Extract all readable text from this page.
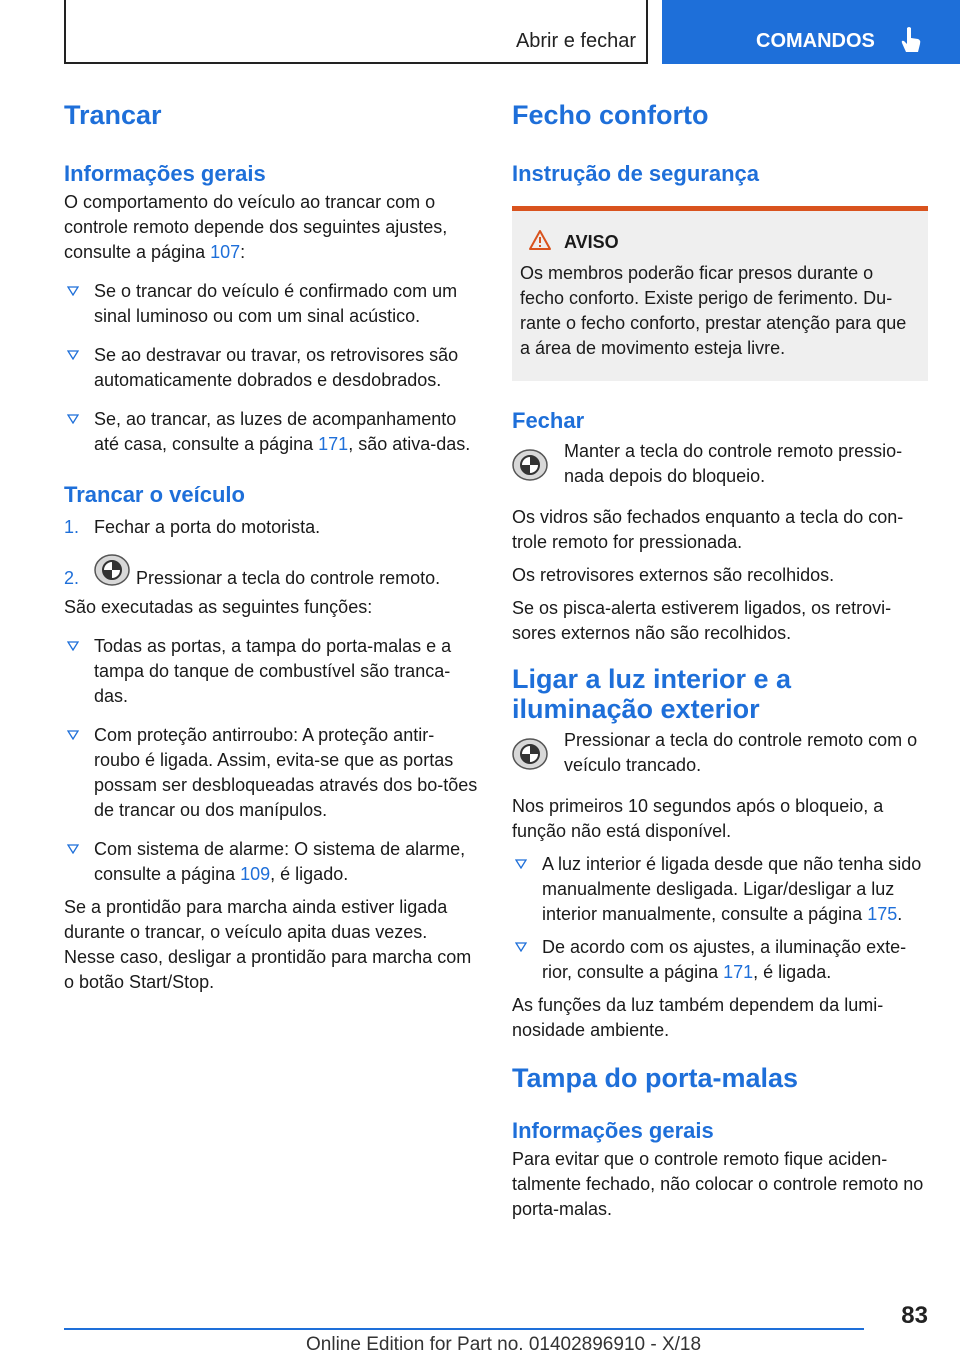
Abrir e fechar	COMANDOS
Trancar
Informações gerais

O comportamento do veículo ao trancar com o controle remoto depende dos seguintes ajustes, consulte a página 107:

Se o trancar do veículo é confirmado com um sinal luminoso ou com um sinal acústico.
Se ao destravar ou travar, os retrovisores são automaticamente dobrados e desdobrados.
Se, ao trancar, as luzes de acompanhamento até casa, consulte a página 171, são ativa-das.
Trancar o veículo
1. Fechar a porta do motorista.
2.	Pressionar a tecla do controle remoto.

São executadas as seguintes funções:

Todas as portas, a tampa do porta-malas e a tampa do tanque de combustível são tranca-das.
Com proteção antirroubo: A proteção antir-roubo é ligada. Assim, evita-se que as portas possam ser desbloqueadas através dos bo-tões de trancar ou dos manípulos.
Com sistema de alarme: O sistema de alarme, consulte a página 109, é ligado.

Se a prontidão para marcha ainda estiver ligada durante o trancar, o veículo apita duas vezes. Nesse caso, desligar a prontidão para marcha com o botão Start/Stop.

Fecho conforto
Instrução de segurança
AVISO

Os membros poderão ficar presos durante o fecho conforto. Existe perigo de ferimento. Du-rante o fecho conforto, prestar atenção para que a área de movimento esteja livre.

Fechar

Manter a tecla do controle remoto pressio-nada depois do bloqueio.

Os vidros são fechados enquanto a tecla do con-trole remoto for pressionada.

Os retrovisores externos são recolhidos.

Se os pisca-alerta estiverem ligados, os retrovi-sores externos não são recolhidos.

Ligar a luz interior e a iluminação exterior

Pressionar a tecla do controle remoto com o veículo trancado.

Nos primeiros 10 segundos após o bloqueio, a função não está disponível.

A luz interior é ligada desde que não tenha sido manualmente desligada. Ligar/desligar a luz interior manualmente, consulte a página 175.
De acordo com os ajustes, a iluminação exte-rior, consulte a página 171, é ligada.

As funções da luz também dependem da lumi-nosidade ambiente.

Tampa do porta-malas
Informações gerais

Para evitar que o controle remoto fique aciden-talmente fechado, não colocar o controle remoto no porta-malas.

83
Online Edition for Part no. 01402896910 - X/18
